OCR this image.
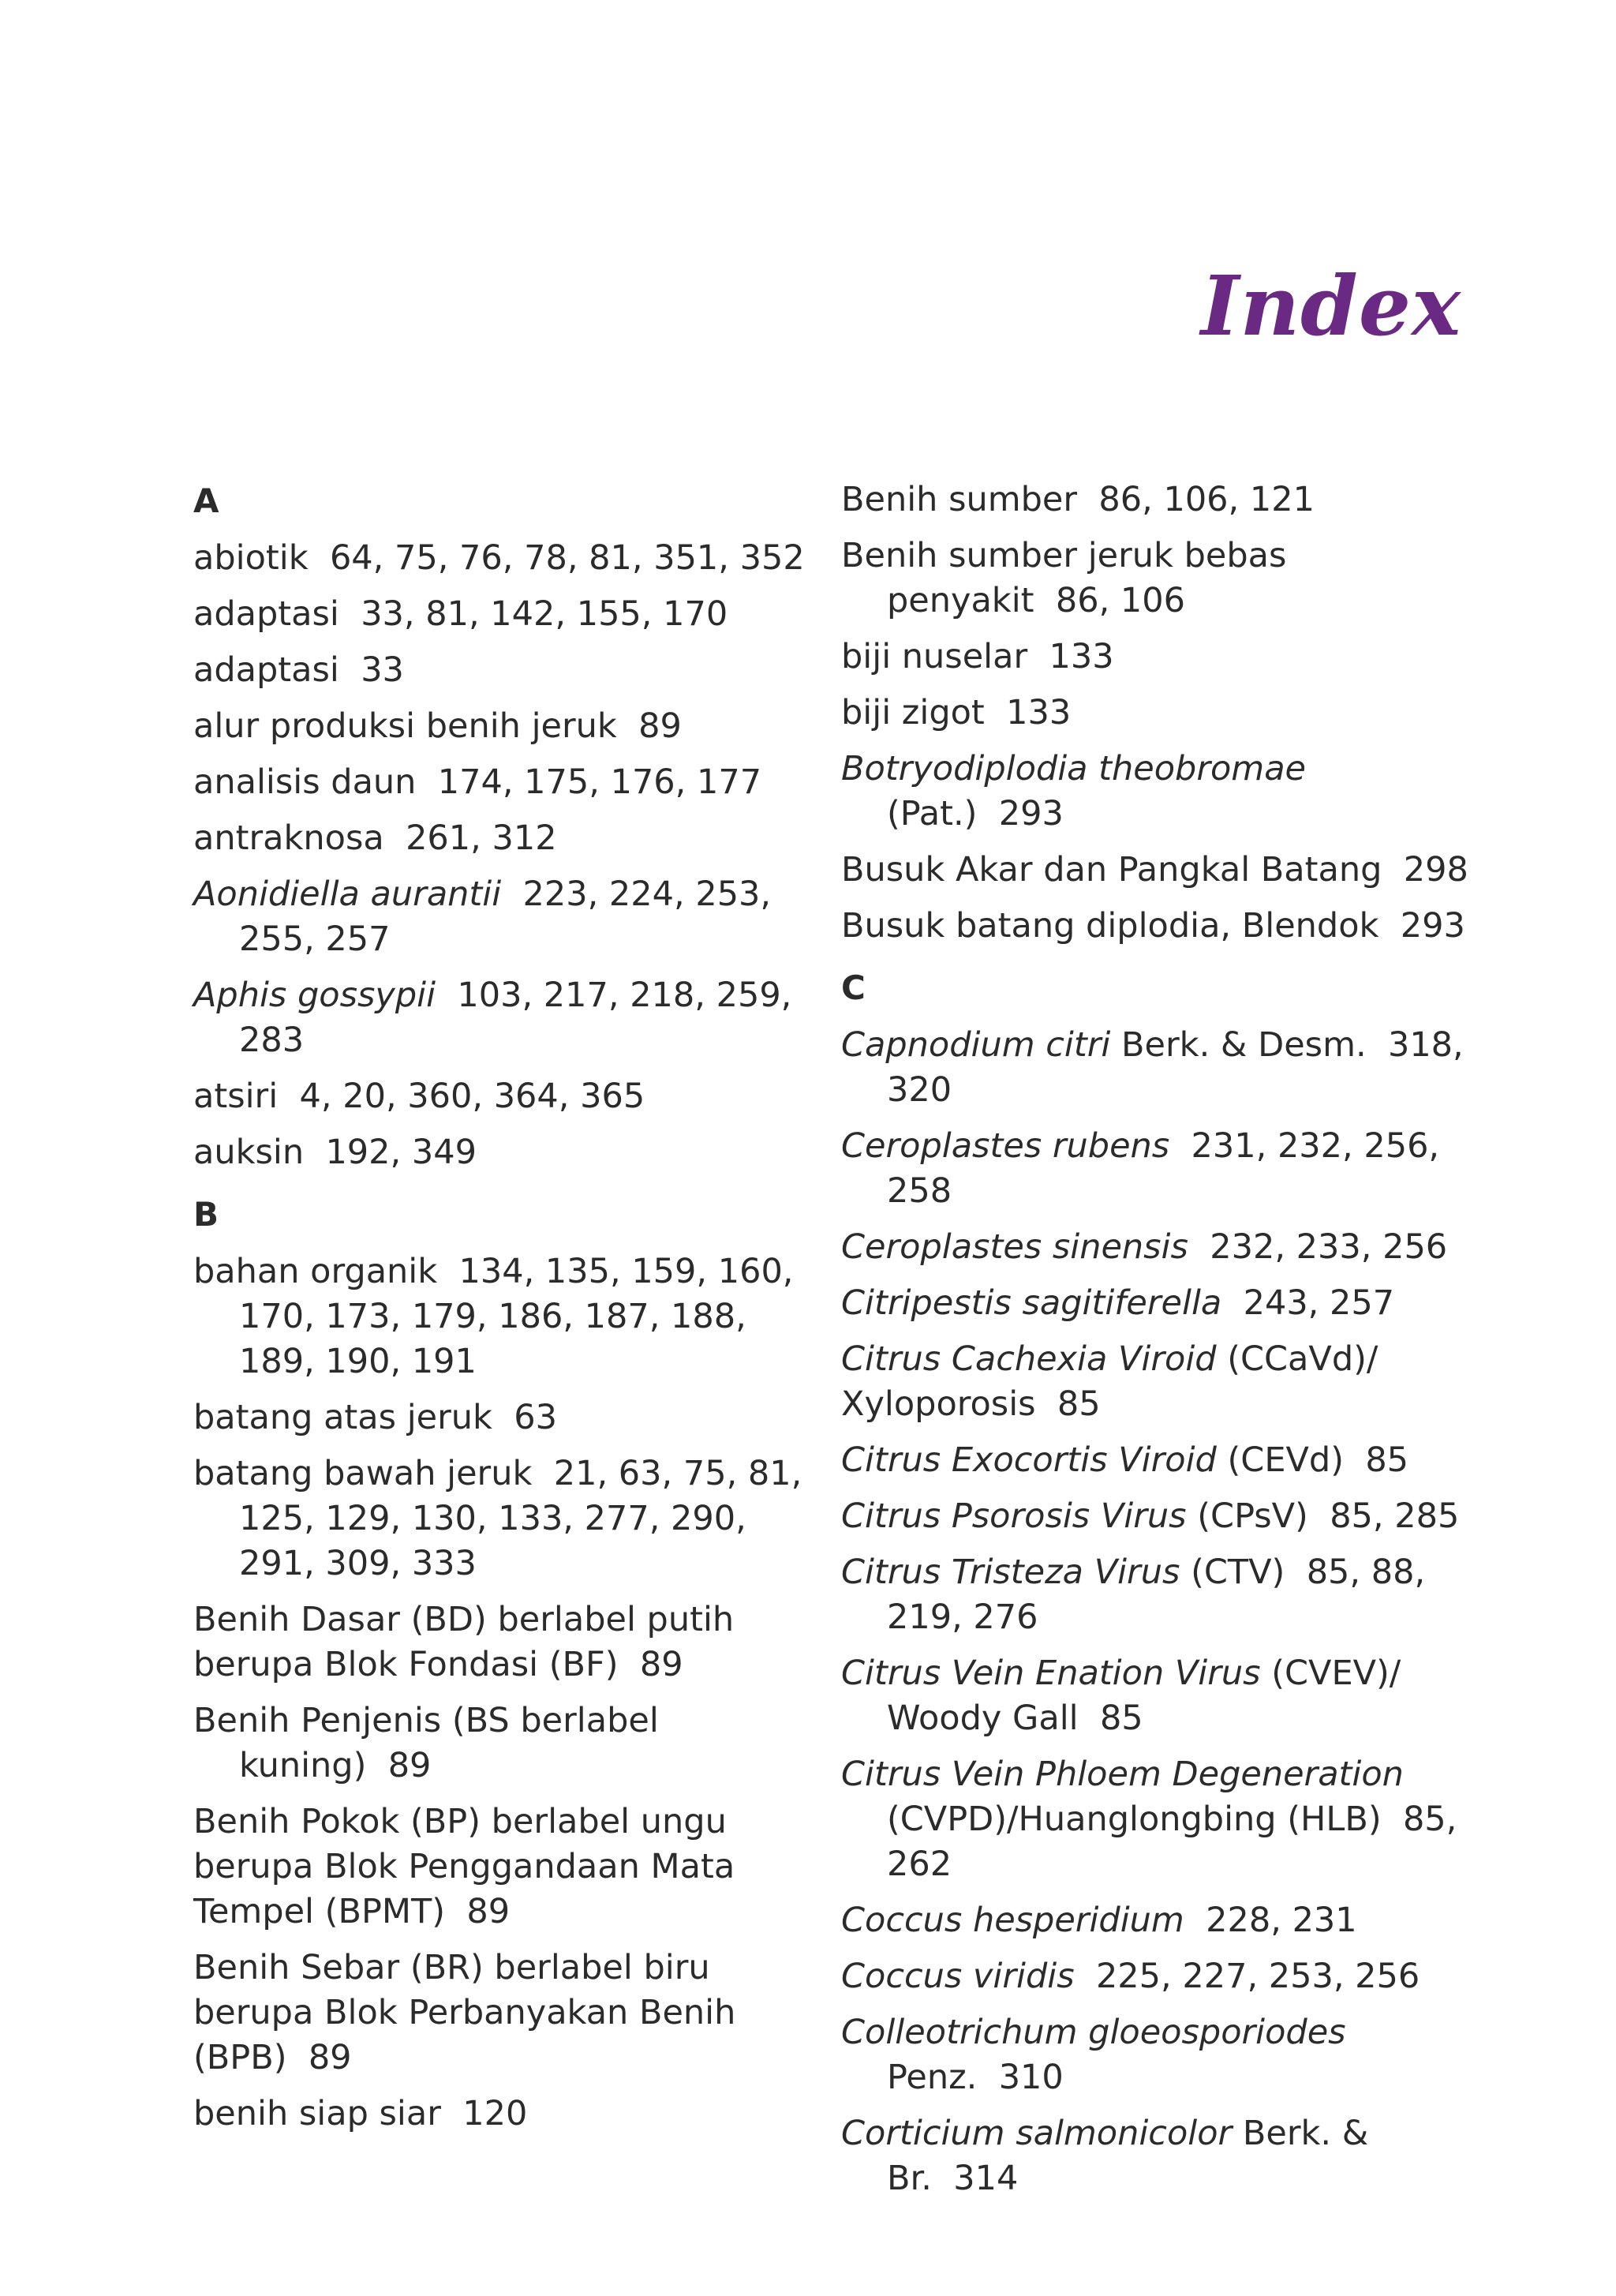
Index
A
abiotik 64, 75, 76, 78, 81, 351, 352
adaptasi 33, 81, 142, 155, 170
adaptasi 33
alur produksi benih jeruk 89
analisis daun 174, 175, 176, 177
antraknosa 261, 312
Aonidiella aurantii 223, 224, 253, 255, 257
Aphis gossypii 103, 217, 218, 259, 283
atsiri 4, 20, 360, 364, 365
auksin 192, 349
B
bahan organik 134, 135, 159, 160, 170, 173, 179, 186, 187, 188, 189, 190, 191
batang atas jeruk 63
batang bawah jeruk 21, 63, 75, 81, 125, 129, 130, 133, 277, 290, 291, 309, 333
Benih Dasar (BD) berlabel putih berupa Blok Fondasi (BF) 89
Benih Penjenis (BS berlabel kuning) 89
Benih Pokok (BP) berlabel ungu berupa Blok Penggandaan Mata Tempel (BPMT) 89
Benih Sebar (BR) berlabel biru berupa Blok Perbanyakan Benih (BPB) 89
benih siap siar 120
Benih sumber 86, 106, 121
Benih sumber jeruk bebas penyakit 86, 106
biji nuselar 133
biji zigot 133
Botryodiplodia theobromae (Pat.) 293
Busuk Akar dan Pangkal Batang 298
Busuk batang diplodia, Blendok 293
C
Capnodium citri Berk. & Desm. 318, 320
Ceroplastes rubens 231, 232, 256, 258
Ceroplastes sinensis 232, 233, 256
Citripestis sagitiferella 243, 257
Citrus Cachexia Viroid (CCaVd)/ Xyloporosis 85
Citrus Exocortis Viroid (CEVd) 85
Citrus Psorosis Virus (CPsV) 85, 285
Citrus Tristeza Virus (CTV) 85, 88, 219, 276
Citrus Vein Enation Virus (CVEV)/ Woody Gall 85
Citrus Vein Phloem Degeneration (CVPD)/Huanglongbing (HLB) 85, 262
Coccus hesperidium 228, 231
Coccus viridis 225, 227, 253, 256
Colleotrichum gloeosporiodes Penz. 310
Corticium salmonicolor Berk. & Br. 314
